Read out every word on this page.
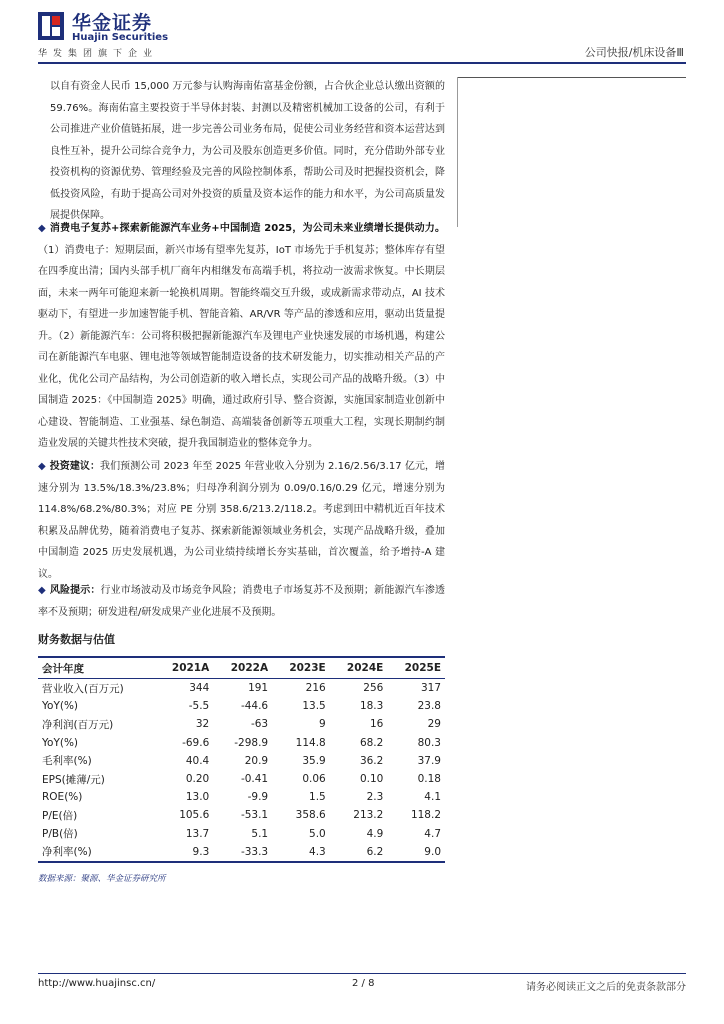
华金证券
Huajin Securities
华发集团旗下企业	公司快报/机床设备Ⅲ
以自有资金人民币 15,000 万元参与认购海南佑富基金份额，占合伙企业总认缴出资额的 59.76%。海南佑富主要投资于半导体封装、封测以及精密机械加工设备的公司，有利于公司推进产业价值链拓展，进一步完善公司业务布局，促使公司业务经营和资本运营达到良性互补，提升公司综合竞争力，为公司及股东创造更多价值。同时，充分借助外部专业投资机构的资源优势、管理经验及完善的风险控制体系，帮助公司及时把握投资机会，降低投资风险，有助于提高公司对外投资的质量及资本运作的能力和水平，为公司高质量发展提供保障。
◆ 消费电子复苏+探索新能源汽车业务+中国制造 2025，为公司未来业绩增长提供动力。（1）消费电子：短期层面，新兴市场有望率先复苏，IoT 市场先于手机复苏；整体库存有望在四季度出清；国内头部手机厂商年内相继发布高端手机，将拉动一波需求恢复。中长期层面，未来一两年可能迎来新一轮换机周期。智能终端交互升级，或成新需求带动点，AI 技术驱动下，有望进一步加速智能手机、智能音箱、AR/VR 等产品的渗透和应用，驱动出货量提升。（2）新能源汽车：公司将积极把握新能源汽车及锂电产业快速发展的市场机遇，构建公司在新能源汽车电驱、锂电池等领域智能制造设备的技术研发能力，切实推动相关产品的产业化，优化公司产品结构，为公司创造新的收入增长点，实现公司产品的战略升级。（3）中国制造 2025：《中国制造 2025》明确，通过政府引导、整合资源，实施国家制造业创新中心建设、智能制造、工业强基、绿色制造、高端装备创新等五项重大工程，实现长期制约制造业发展的关键共性技术突破，提升我国制造业的整体竞争力。
◆ 投资建议：我们预测公司 2023 年至 2025 年营业收入分别为 2.16/2.56/3.17 亿元，增速分别为 13.5%/18.3%/23.8%；归母净利润分别为 0.09/0.16/0.29 亿元，增速分别为 114.8%/68.2%/80.3%；对应 PE 分别 358.6/213.2/118.2。考虑到田中精机近百年技术积累及品牌优势，随着消费电子复苏、探索新能源领域业务机会，实现产品战略升级，叠加中国制造 2025 历史发展机遇，为公司业绩持续增长夯实基础，首次覆盖，给予增持-A 建议。
◆ 风险提示：行业市场波动及市场竞争风险；消费电子市场复苏不及预期；新能源汽车渗透率不及预期；研发进程/研发成果产业化进展不及预期。
财务数据与估值
会计年度	2021A	2022A	2023E	2024E	2025E
营业收入(百万元)	344	191	216	256	317
YoY(%)	-5.5	-44.6	13.5	18.3	23.8
净利润(百万元)	32	-63	9	16	29
YoY(%)	-69.6	-298.9	114.8	68.2	80.3
毛利率(%)	40.4	20.9	35.9	36.2	37.9
EPS(摊薄/元)	0.20	-0.41	0.06	0.10	0.18
ROE(%)	13.0	-9.9	1.5	2.3	4.1
P/E(倍)	105.6	-53.1	358.6	213.2	118.2
P/B(倍)	13.7	5.1	5.0	4.9	4.7
净利率(%)	9.3	-33.3	4.3	6.2	9.0
数据来源：聚源、华金证券研究所
http://www.huajinsc.cn/	2 / 8	请务必阅读正文之后的免责条款部分
